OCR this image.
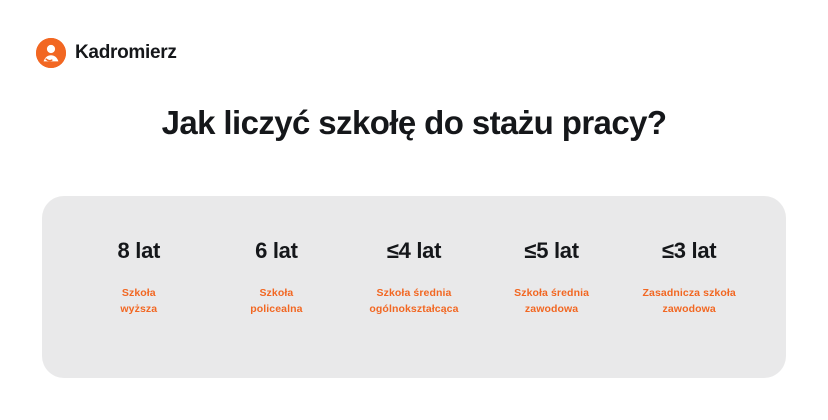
Kadromierz
Jak liczyć szkołę do stażu pracy?
8 lat
Szkoła
wyższa
6 lat
Szkoła
policealna
≤4 lat
Szkoła średnia
ogólnokształcąca
≤5 lat
Szkoła średnia
zawodowa
≤3 lat
Zasadnicza szkoła
zawodowa
